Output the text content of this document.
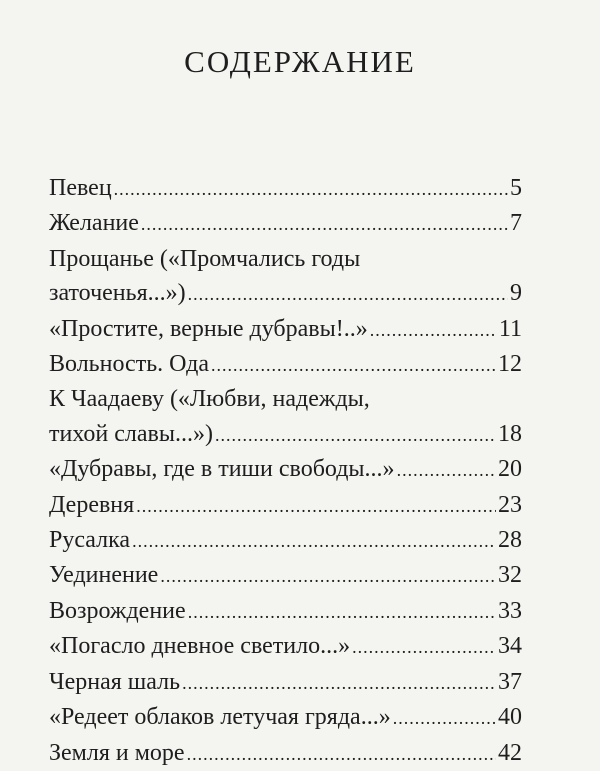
СОДЕРЖАНИЕ
Певец .....	5
Желание .....	7
Прощанье («Промчались годы
заточенья...») .....	9
«Простите, верные дубравы!..» .....	11
Вольность. Ода .....	12
К Чаадаеву («Любви, надежды,
тихой славы...») .....	18
«Дубравы, где в тиши свободы...» .....	20
Деревня .....	23
Русалка .....	28
Уединение .....	32
Возрождение .....	33
«Погасло дневное светило...» .....	34
Черная шаль .....	37
«Редеет облаков летучая гряда...» .....	40
Земля и море .....	42
